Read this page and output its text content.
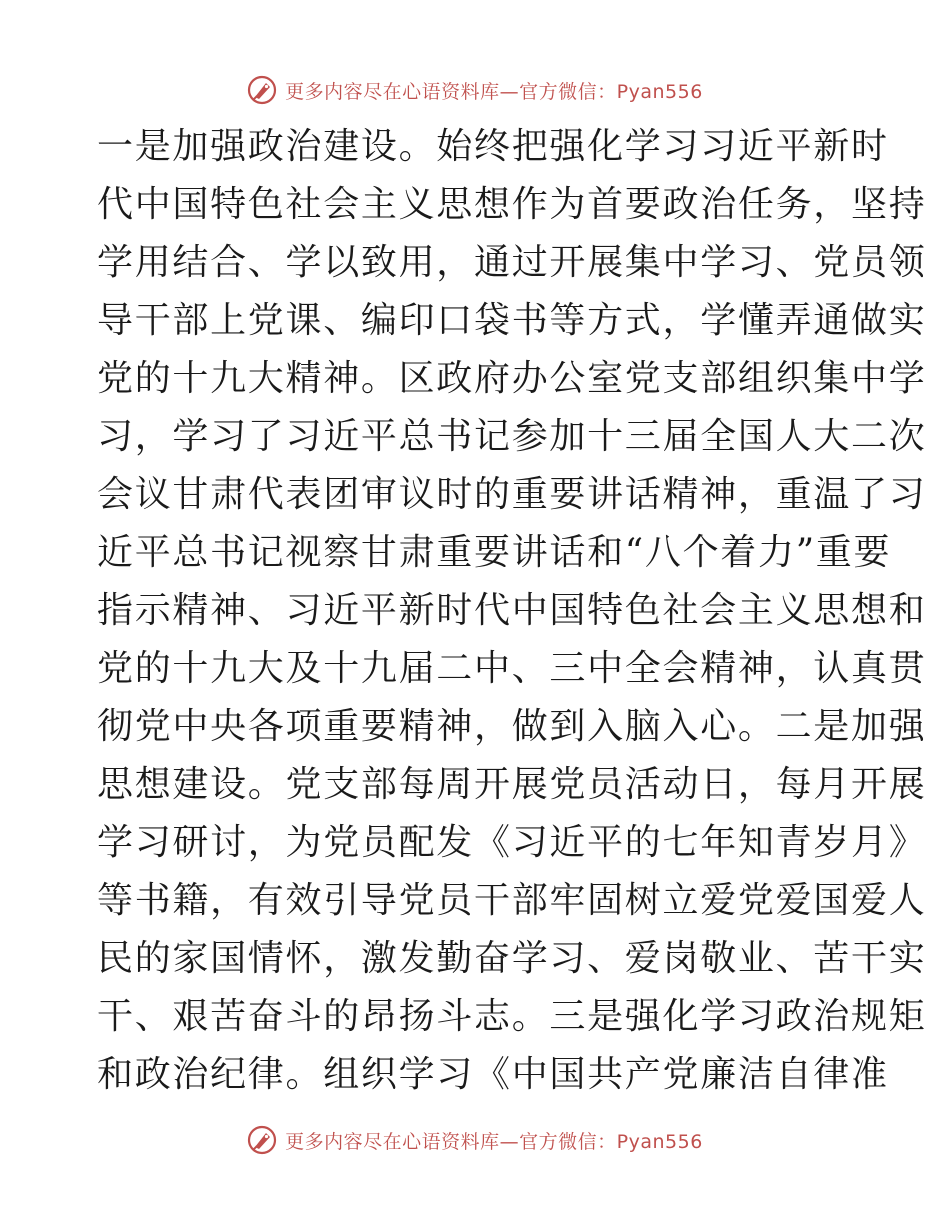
更多内容尽在心语资料库—官方微信：Pyan556
一是加强政治建设。始终把强化学习习近平新时
代中国特色社会主义思想作为首要政治任务，坚持
学用结合、学以致用，通过开展集中学习、党员领
导干部上党课、编印口袋书等方式，学懂弄通做实
党的十九大精神。区政府办公室党支部组织集中学
习，学习了习近平总书记参加十三届全国人大二次
会议甘肃代表团审议时的重要讲话精神，重温了习
近平总书记视察甘肃重要讲话和“八个着力”重要
指示精神、习近平新时代中国特色社会主义思想和
党的十九大及十九届二中、三中全会精神，认真贯
彻党中央各项重要精神，做到入脑入心。二是加强
思想建设。党支部每周开展党员活动日，每月开展
学习研讨，为党员配发《习近平的七年知青岁月》
等书籍，有效引导党员干部牢固树立爱党爱国爱人
民的家国情怀，激发勤奋学习、爱岗敬业、苦干实
干、艰苦奋斗的昂扬斗志。三是强化学习政治规矩
和政治纪律。组织学习《中国共产党廉洁自律准
更多内容尽在心语资料库—官方微信：Pyan556
